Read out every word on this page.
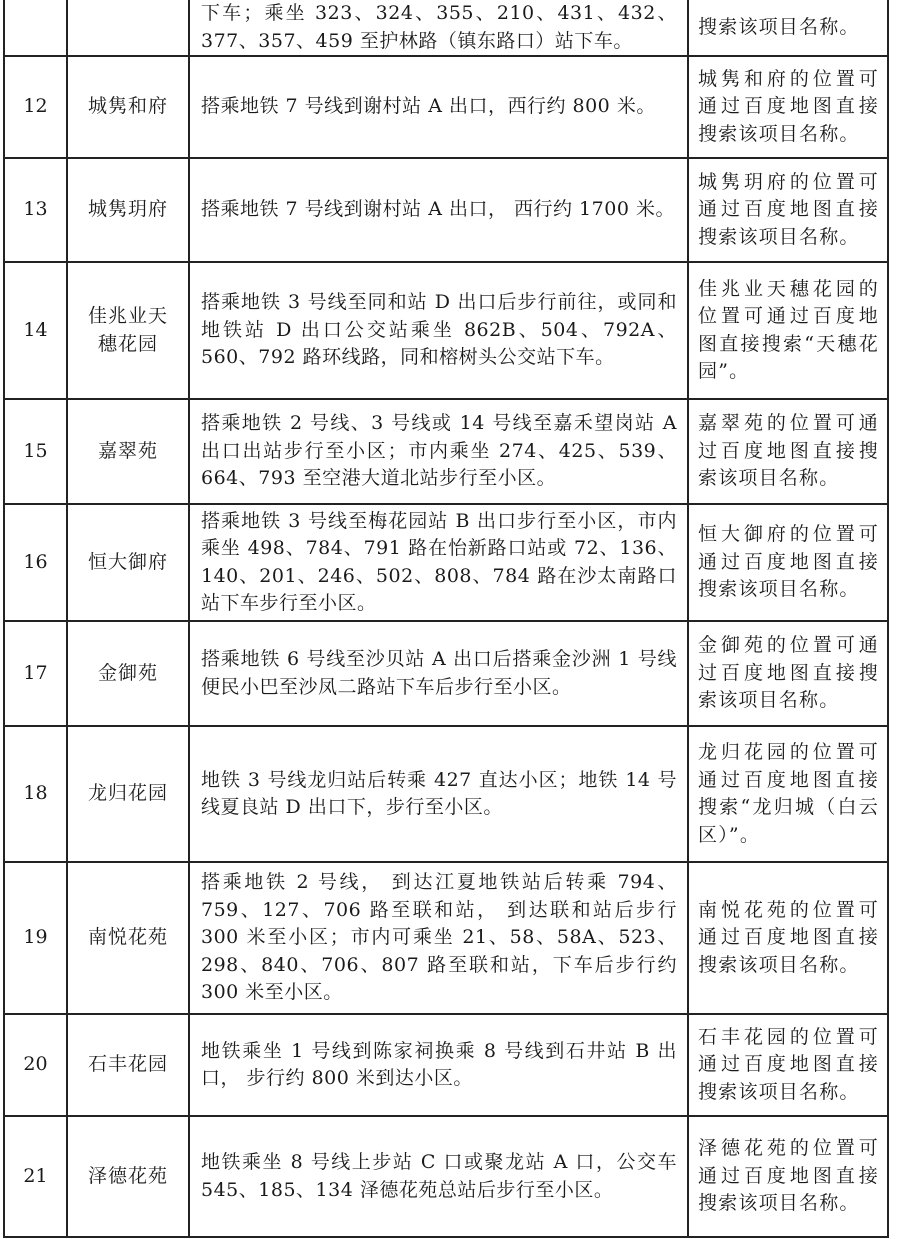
		下车；乘坐 323、324、355、210、431、432、377、357、459 至护林路（镇东路口）站下车。	搜索该项目名称。
12	城隽和府	搭乘地铁 7 号线到谢村站 A 出口，西行约 800 米。	城隽和府的位置可通过百度地图直接搜索该项目名称。
13	城隽玥府	搭乘地铁 7 号线到谢村站 A 出口， 西行约 1700 米。	城隽玥府的位置可通过百度地图直接搜索该项目名称。
14	佳兆业天穗花园	搭乘地铁 3 号线至同和站 D 出口后步行前往，或同和地铁站 D 出口公交站乘坐 862B、504、792A、560、792 路环线路，同和榕树头公交站下车。	佳兆业天穗花园的位置可通过百度地图直接搜索“天穗花园”。
15	嘉翠苑	搭乘地铁 2 号线、3 号线或 14 号线至嘉禾望岗站 A 出口出站步行至小区；市内乘坐 274、425、539、664、793 至空港大道北站步行至小区。	嘉翠苑的位置可通过百度地图直接搜索该项目名称。
16	恒大御府	搭乘地铁 3 号线至梅花园站 B 出口步行至小区，市内乘坐 498、784、791 路在怡新路口站或 72、136、140、201、246、502、808、784 路在沙太南路口站下车步行至小区。	恒大御府的位置可通过百度地图直接搜索该项目名称。
17	金御苑	搭乘地铁 6 号线至沙贝站 A 出口后搭乘金沙洲 1 号线便民小巴至沙凤二路站下车后步行至小区。	金御苑的位置可通过百度地图直接搜索该项目名称。
18	龙归花园	地铁 3 号线龙归站后转乘 427 直达小区；地铁 14 号线夏良站 D 出口下，步行至小区。	龙归花园的位置可通过百度地图直接搜索“龙归城（白云区）”。
19	南悦花苑	搭乘地铁 2 号线， 到达江夏地铁站后转乘 794、759、127、706 路至联和站， 到达联和站后步行 300 米至小区；市内可乘坐 21、58、58A、523、298、840、706、807 路至联和站，下车后步行约 300 米至小区。	南悦花苑的位置可通过百度地图直接搜索该项目名称。
20	石丰花园	地铁乘坐 1 号线到陈家祠换乘 8 号线到石井站 B 出口， 步行约 800 米到达小区。	石丰花园的位置可通过百度地图直接搜索该项目名称。
21	泽德花苑	地铁乘坐 8 号线上步站 C 口或聚龙站 A 口，公交车 545、185、134 泽德花苑总站后步行至小区。	泽德花苑的位置可通过百度地图直接搜索该项目名称。
